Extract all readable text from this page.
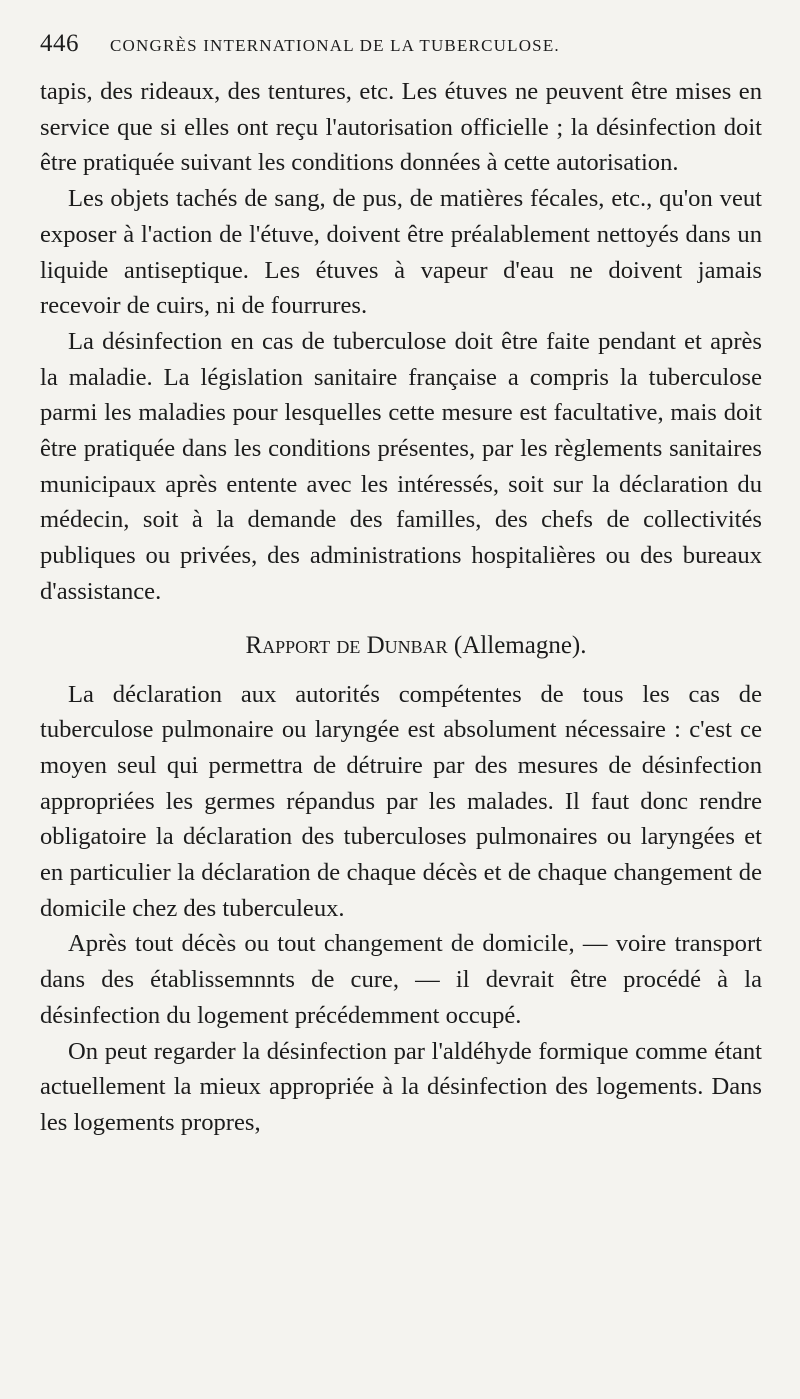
446	CONGRÈS INTERNATIONAL DE LA TUBERCULOSE.

tapis, des rideaux, des tentures, etc. Les étuves ne peuvent être mises en service que si elles ont reçu l'autorisation officielle ; la désinfection doit être pratiquée suivant les conditions données à cette autorisation.

Les objets tachés de sang, de pus, de matières fécales, etc., qu'on veut exposer à l'action de l'étuve, doivent être préalablement nettoyés dans un liquide antiseptique. Les étuves à vapeur d'eau ne doivent jamais recevoir de cuirs, ni de fourrures.

La désinfection en cas de tuberculose doit être faite pendant et après la maladie. La législation sanitaire française a compris la tuberculose parmi les maladies pour lesquelles cette mesure est facultative, mais doit être pratiquée dans les conditions présentes, par les règlements sanitaires municipaux après entente avec les intéressés, soit sur la déclaration du médecin, soit à la demande des familles, des chefs de collectivités publiques ou privées, des administrations hospitalières ou des bureaux d'assistance.

Rapport de Dunbar (Allemagne).

La déclaration aux autorités compétentes de tous les cas de tuberculose pulmonaire ou laryngée est absolument nécessaire : c'est ce moyen seul qui permettra de détruire par des mesures de désinfection appropriées les germes répandus par les malades. Il faut donc rendre obligatoire la déclaration des tuberculoses pulmonaires ou laryngées et en particulier la déclaration de chaque décès et de chaque changement de domicile chez des tuberculeux.

Après tout décès ou tout changement de domicile, — voire transport dans des établissemnnts de cure, — il devrait être procédé à la désinfection du logement précédemment occupé.

On peut regarder la désinfection par l'aldéhyde formique comme étant actuellement la mieux appropriée à la désinfection des logements. Dans les logements propres,
